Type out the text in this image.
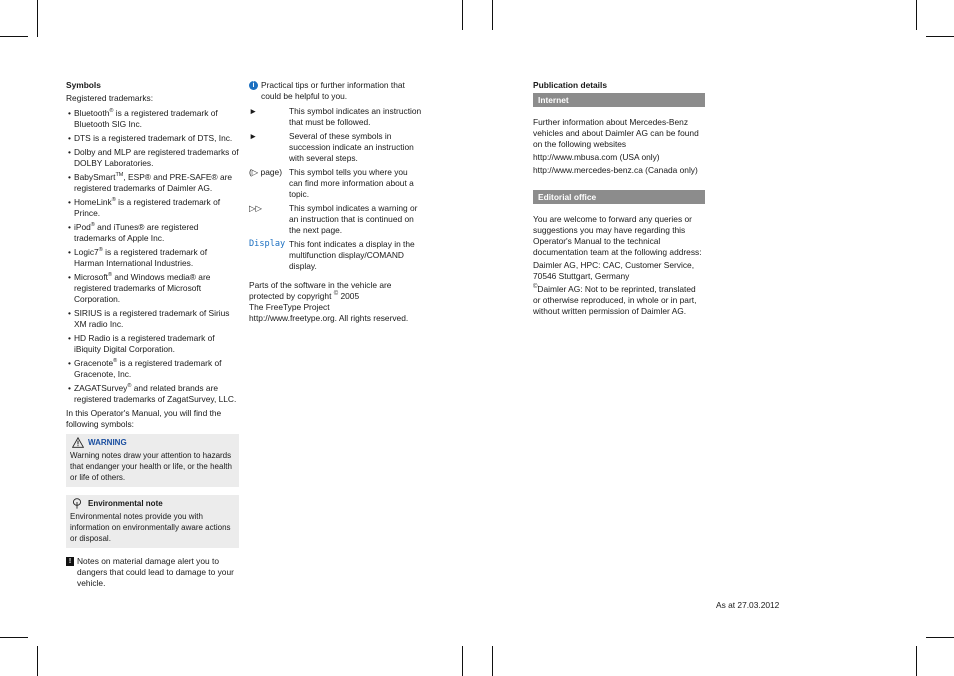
Symbols

Registered trademarks:

• Bluetooth® is a registered trademark of Bluetooth SIG Inc.
• DTS is a registered trademark of DTS, Inc.
• Dolby and MLP are registered trademarks of DOLBY Laboratories.
• BabySmart™, ESP® and PRE-SAFE® are registered trademarks of Daimler AG.
• HomeLink® is a registered trademark of Prince.
• iPod® and iTunes® are registered trademarks of Apple Inc.
• Logic7® is a registered trademark of Harman International Industries.
• Microsoft® and Windows media® are registered trademarks of Microsoft Corporation.
• SIRIUS is a registered trademark of Sirius XM radio Inc.
• HD Radio is a registered trademark of iBiquity Digital Corporation.
• Gracenote® is a registered trademark of Gracenote, Inc.
• ZAGATSurvey® and related brands are registered trademarks of ZagatSurvey, LLC.

In this Operator's Manual, you will find the following symbols:

WARNING

Warning notes draw your attention to hazards that endanger your health or life, or the health or life of others.

Environmental note

Environmental notes provide you with information on environmentally aware actions or disposal.

! Notes on material damage alert you to dangers that could lead to damage to your vehicle.
i Practical tips or further information that could be helpful to you.
►	This symbol indicates an instruction that must be followed.
►	Several of these symbols in succession indicate an instruction with several steps.
(▷ page) This symbol tells you where you can find more information about a topic.
▷▷	This symbol indicates a warning or an instruction that is continued on the next page.
Display This font indicates a display in the multifunction display/COMAND display.

Parts of the software in the vehicle are

protected by copyright © 2005

The FreeType Project

http://www.freetype.org. All rights reserved.

Publication details

Internet

Further information about Mercedes-Benz vehicles and about Daimler AG can be found on the following websites

http://www.mbusa.com (USA only)

http://www.mercedes-benz.ca (Canada only)

Editorial office

You are welcome to forward any queries or suggestions you may have regarding this Operator's Manual to the technical documentation team at the following address:

Daimler AG, HPC: CAC, Customer Service, 70546 Stuttgart, Germany

©Daimler AG: Not to be reprinted, translated or otherwise reproduced, in whole or in part, without written permission of Daimler AG.

As at 27.03.2012
